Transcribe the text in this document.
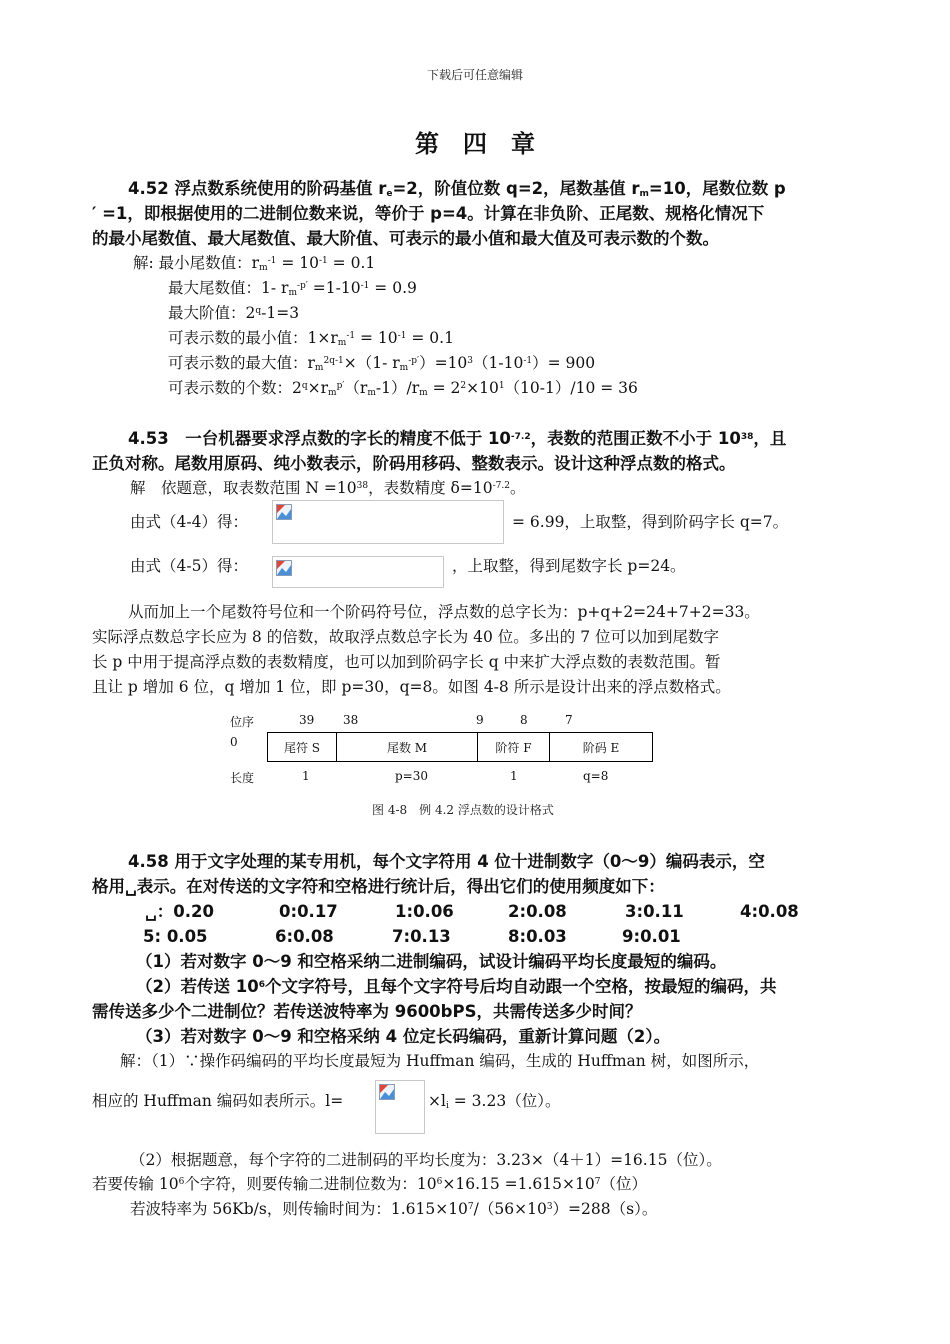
下载后可任意编辑
第　四　章
4.52 浮点数系统使用的阶码基值 $r_e=2$，阶值位数 q=2，尾数基值 $r_m=10$，尾数位数 p
′ =1，即根据使用的二进制位数来说，等价于 p=4。计算在非负阶、正尾数、规格化情况下
的最小尾数值、最大尾数值、最大阶值、可表示的最小值和最大值及可表示数的个数。
解: 最小尾数值：$r_m^{-1} = 10^{-1} = 0.1$
最大尾数值：1- $r_m^{-p'} =1-10^{-1} = 0.9$
最大阶值：$2^q-1=3$
可表示数的最小值：$1\times r_m^{-1} = 10^{-1} = 0.1$
可表示数的最大值：$r_m^{2q-1}\times(1-$ $r_m^{-p'})=10^3(1-10^{-1})= 900$
可表示数的个数：$2^q\times r_m^{p'}(r_m-1)/r_m = 2^2\times 10^1(10-1)/10 = 36$
4.53　一台机器要求浮点数的字长的精度不低于 $10^{-7.2}$，表数的范围正数不小于 $10^{38}$，且
正负对称。尾数用原码、纯小数表示，阶码用移码、整数表示。设计这种浮点数的格式。
解　依题意，取表数范围 $N =10^{38}$，表数精度 $\delta=10^{-7.2}$。
由式（4-4）得：	= 6.99，上取整，得到阶码字长 q=7。
由式（4-5）得：	，上取整，得到尾数字长 p=24。
从而加上一个尾数符号位和一个阶码符号位，浮点数的总字长为：p+q+2=24+7+2=33。
实际浮点数总字长应为 8 的倍数，故取浮点数总字长为 40 位。多出的 7 位可以加到尾数字
长 p 中用于提高浮点数的表数精度，也可以加到阶码字长 q 中来扩大浮点数的表数范围。暂
且让 p 增加 6 位，q 增加 1 位，即 p=30，q=8。如图 4-8 所示是设计出来的浮点数格式。
位序
0
39 38	9	8	7
尾符 S	尾数 M	阶符 F	阶码 E
长度	1	p=30	1	q=8
图 4-8　例 4.2 浮点数的设计格式
4.58 用于文字处理的某专用机，每个文字符用 4 位十进制数字（0～9）编码表示，空
格用␣表示。在对传送的文字符和空格进行统计后，得出它们的使用频度如下：
␣：0.20	0:0.17	1:0.06	2:0.08	3:0.11	4:0.08
5: 0.05	6:0.08	7:0.13	8:0.03	9:0.01
（1）若对数字 0～9 和空格采纳二进制编码，试设计编码平均长度最短的编码。
（2）若传送 $10^6$个文字符号，且每个文字符号后均自动跟一个空格，按最短的编码，共
需传送多少个二进制位？若传送波特率为 9600bPS，共需传送多少时间？
（3）若对数字 0～9 和空格采纳 4 位定长码编码，重新计算问题（2）。
解：（1）∵操作码编码的平均长度最短为 Huffman 编码，生成的 Huffman 树，如图所示，
相应的 Huffman 编码如表所示。l=	$\times l_i = 3.23$（位）。
（2）根据题意，每个字符的二进制码的平均长度为：3.23×（4＋1）=16.15（位）。
若要传输 $10^6$个字符，则要传输二进制位数为：$10^6\times 16.15 =1.615\times 10^7$（位）
若波特率为 56Kb/s，则传输时间为：$1.615\times 10^7/(56\times 10^3)=288(s)$。
